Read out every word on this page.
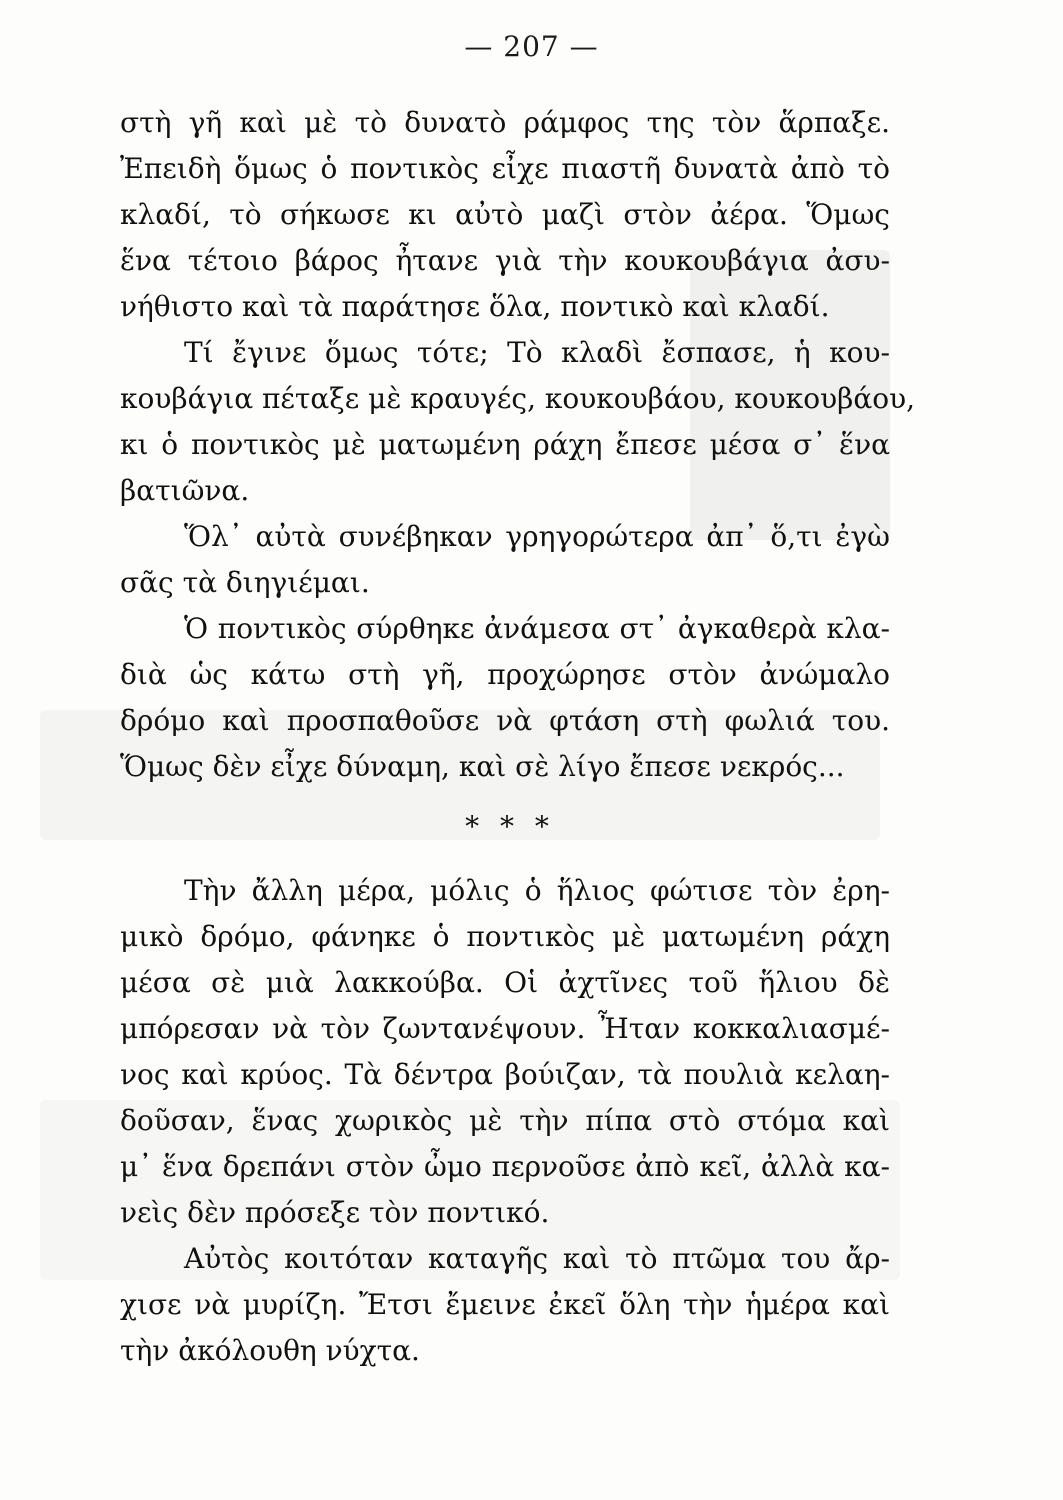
— 207 —
στὴ γῆ καὶ μὲ τὸ δυνατὸ ράμφος της τὸν ἅρπαξε.
Ἐπειδὴ ὅμως ὁ ποντικὸς εἶχε πιαστῆ δυνατὰ ἀπὸ τὸ
κλαδί, τὸ σήκωσε κι αὐτὸ μαζὶ στὸν ἀέρα. Ὅμως
ἕνα τέτοιο βάρος ἦτανε γιὰ τὴν κουκουβάγια ἀσυ-
νήθιστο καὶ τὰ παράτησε ὅλα, ποντικὸ καὶ κλαδί.
Τί ἔγινε ὅμως τότε; Τὸ κλαδὶ ἔσπασε, ἡ κου-
κουβάγια πέταξε μὲ κραυγές, κουκουβάου, κουκουβάου,
κι ὁ ποντικὸς μὲ ματωμένη ράχη ἔπεσε μέσα σ᾽ ἕνα
βατιῶνα.
Ὅλ᾽ αὐτὰ συνέβηκαν γρηγορώτερα ἀπ᾽ ὅ,τι ἐγὼ
σᾶς τὰ διηγιέμαι.
Ὁ ποντικὸς σύρθηκε ἀνάμεσα στ᾽ ἀγκαθερὰ κλα-
διὰ ὡς κάτω στὴ γῆ, προχώρησε στὸν ἀνώμαλο
δρόμο καὶ προσπαθοῦσε νὰ φτάση στὴ φωλιά του.
Ὅμως δὲν εἶχε δύναμη, καὶ σὲ λίγο ἔπεσε νεκρός...
* * *
Τὴν ἄλλη μέρα, μόλις ὁ ἥλιος φώτισε τὸν ἐρη-
μικὸ δρόμο, φάνηκε ὁ ποντικὸς μὲ ματωμένη ράχη
μέσα σὲ μιὰ λακκούβα. Οἱ ἀχτῖνες τοῦ ἥλιου δὲ
μπόρεσαν νὰ τὸν ζωντανέψουν. Ἦταν κοκκαλιασμέ-
νος καὶ κρύος. Τὰ δέντρα βούιζαν, τὰ πουλιὰ κελαη-
δοῦσαν, ἕνας χωρικὸς μὲ τὴν πίπα στὸ στόμα καὶ
μ᾽ ἕνα δρεπάνι στὸν ὦμο περνοῦσε ἀπὸ κεῖ, ἀλλὰ κα-
νεὶς δὲν πρόσεξε τὸν ποντικό.
Αὐτὸς κοιτόταν καταγῆς καὶ τὸ πτῶμα του ἄρ-
χισε νὰ μυρίζη. Ἔτσι ἔμεινε ἐκεῖ ὅλη τὴν ἡμέρα καὶ
τὴν ἀκόλουθη νύχτα.
